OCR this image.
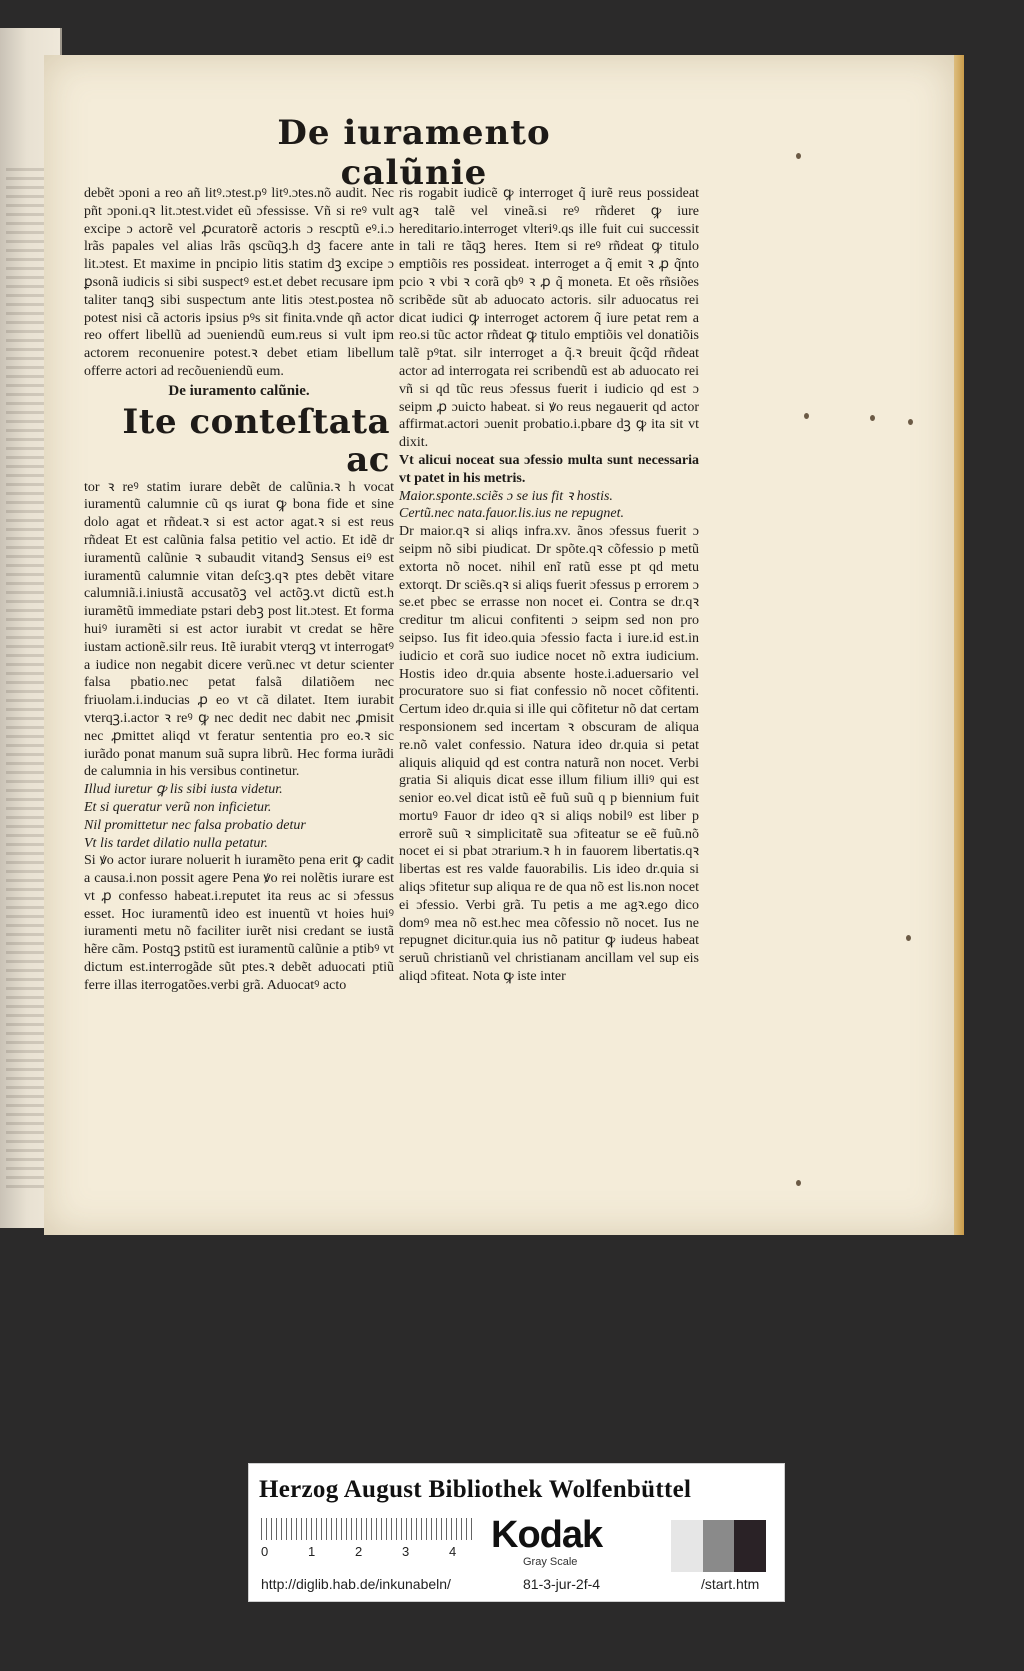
De iuramento calũnie

debẽt ɔponi a reo añ litꝰ.ɔtest.pꝰ litꝰ.ɔtes.nõ audit. Nec pñt ɔponi.qꝛ lit.ɔtest.videt eũ ɔfessisse. Vñ si reꝰ vult excipe ɔ actorẽ vel ꝓcuratorẽ actoris ɔ rescptũ eꝰ.i.ɔ lrãs papales vel alias lrãs qscũqꝫ.h dꝫ facere ante lit.ɔtest. Et maxime in pncipio litis statim dꝫ excipe ɔ ꝑsonã iudicis si sibi suspectꝰ est.et debet recusare ipm taliter tanqꝫ sibi suspectum ante litis ɔtest.postea nõ potest nisi cã actoris ipsius pꝰs sit finita.vnde qñ actor reo offert libellũ ad ɔueniendũ eum.reus si vult ipm actorem reconuenire potest.ꝛ debet etiam libellum offerre actori ad recõueniendũ eum.

De iuramento calũnie.
Ite conteſtata ac

tor ꝛ reꝰ statim iurare debẽt de calũnia.ꝛ h vocat iuramentũ calumnie cũ qs iurat ꝙ bona fide et sine dolo agat et rñdeat.ꝛ si est actor agat.ꝛ si est reus rñdeat Et est calũnia falsa petitio vel actio. Et idẽ dr iuramentũ calũnie ꝛ subaudit vitandꝫ Sensus eiꝰ est iuramentũ calumnie vitan deſcꝫ.qꝛ ptes debẽt vitare calumniã.i.iniustã accusatõꝫ vel actõꝫ.vt dictũ est.h iuramẽtũ immediate pstari debꝫ post lit.ɔtest. Et forma huiꝰ iuramẽti si est actor iurabit vt credat se hẽre iustam actionẽ.silr reus. Itẽ iurabit vterqꝫ vt interrogatꝰ a iudice non negabit dicere verũ.nec vt detur scienter falsa pbatio.nec petat falsã dilatiõem nec friuolam.i.inducias ꝓ eo vt cã dilatet. Item iurabit vterqꝫ.i.actor ꝛ reꝰ ꝙ nec dedit nec dabit nec ꝓmisit nec ꝓmittet aliqd vt feratur sententia pro eo.ꝛ sic iurãdo ponat manum suã supra librũ. Hec forma iurãdi de calumnia in his versibus continetur.

Illud iuretur ꝙ lis sibi iusta videtur.

Et si queratur verũ non inficietur.

Nil promittetur nec falsa probatio detur

Vt lis tardet dilatio nulla petatur.

Si ꝟo actor iurare noluerit h iuramẽto pena erit ꝙ cadit a causa.i.non possit agere Pena ꝟo rei nolẽtis iurare est vt ꝓ confesso habeat.i.reputet ita reus ac si ɔfessus esset. Hoc iuramentũ ideo est inuentũ vt hoies huiꝰ iuramenti metu nõ faciliter iurẽt nisi credant se iustã hẽre cãm. Postqꝫ pstitũ est iuramentũ calũnie a ptibꝰ vt dictum est.interrogãde sũt ptes.ꝛ debẽt aduocati ptiũ ferre illas iterrogatões.verbi grã. Aduocatꝰ acto

ris rogabit iudicẽ ꝙ interroget q̃ iurẽ reus possideat agꝛ talẽ vel vineã.si reꝰ rñderet ꝙ iure hereditario.interroget vlteriꝰ.qs ille fuit cui successit in tali re tãqꝫ heres. Item si reꝰ rñdeat ꝙ titulo emptiõis res possideat. interroget a q̃ emit ꝛ ꝓ q̃nto pcio ꝛ vbi ꝛ corã qbꝰ ꝛ ꝓ q̃ moneta. Et oẽs rñsiões scribẽde sũt ab aduocato actoris. silr aduocatus rei dicat iudici ꝙ interroget actorem q̃ iure petat rem a reo.si tũc actor rñdeat ꝙ titulo emptiõis vel donatiõis talẽ pꝰtat. silr interroget a q̃.ꝛ breuit q̃cq̃d rñdeat actor ad interrogata rei scribendũ est ab aduocato rei vñ si qd tũc reus ɔfessus fuerit i iudicio qd est ɔ seipm ꝓ ɔuicto habeat. si ꝟo reus negauerit qd actor affirmat.actori ɔuenit probatio.i.pbare dꝫ ꝙ ita sit vt dixit.

Vt alicui noceat sua ɔfessio multa sunt necessaria vt patet in his metris.

Maior.sponte.sciẽs ɔ se ius fit ꝛ hostis.

Certũ.nec nata.fauor.lis.ius ne repugnet.

Dr maior.qꝛ si aliqs infra.xv. ãnos ɔfessus fuerit ɔ seipm nõ sibi piudicat. Dr spõte.qꝛ cõfessio p metũ extorta nõ nocet. nihil enĩ ratũ esse pt qd metu extorqt. Dr sciẽs.qꝛ si aliqs fuerit ɔfessus p errorem ɔ se.et pbec se errasse non nocet ei. Contra se dr.qꝛ creditur tm alicui confitenti ɔ seipm sed non pro seipso. Ius fit ideo.quia ɔfessio facta i iure.id est.in iudicio et corã suo iudice nocet nõ extra iudicium. Hostis ideo dr.quia absente hoste.i.aduersario vel procuratore suo si fiat confessio nõ nocet cõfitenti. Certum ideo dr.quia si ille qui cõfitetur nõ dat certam responsionem sed incertam ꝛ obscuram de aliqua re.nõ valet confessio. Natura ideo dr.quia si petat aliquis aliquid qd est contra naturã non nocet. Verbi gratia Si aliquis dicat esse illum filium illiꝰ qui est senior eo.vel dicat istũ eẽ fuũ suũ q p biennium fuit mortuꝰ Fauor dr ideo qꝛ si aliqs nobilꝰ est liber p errorẽ suũ ꝛ simplicitatẽ sua ɔfiteatur se eẽ fuũ.nõ nocet ei si pbat ɔtrarium.ꝛ h in fauorem libertatis.qꝛ libertas est res valde fauorabilis. Lis ideo dr.quia si aliqs ɔfitetur sup aliqua re de qua nõ est lis.non nocet ei ɔfessio. Verbi grã. Tu petis a me agꝛ.ego dico domꝰ mea nõ est.hec mea cõfessio nõ nocet. Ius ne repugnet dicitur.quia ius nõ patitur ꝙ iudeus habeat seruũ christianũ vel christianam ancillam vel sup eis aliqd ɔfiteat. Nota ꝙ iste inter

Herzog August Bibliothek Wolfenbüttel
0	1	2	3	4 Kodak
Gray Scale
http://diglib.hab.de/inkunabeln/	81-3-jur-2f-4	/start.htm
